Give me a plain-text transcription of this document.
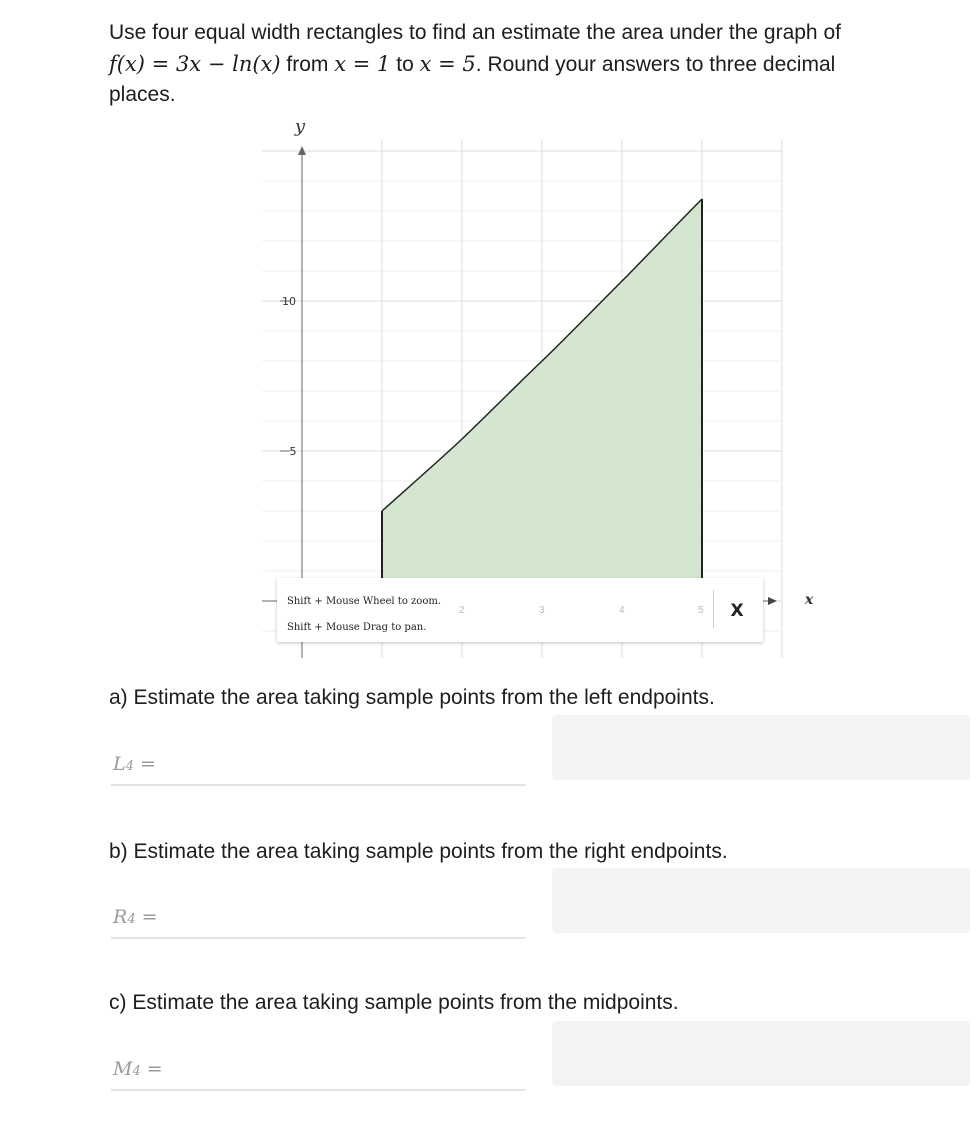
Use four equal width rectangles to find an estimate the area under the graph of
f(x) = 3x − ln(x) from x = 1 to x = 5. Round your answers to three decimal
places.
y
x
10
5
Shift + Mouse Wheel to zoom.
Shift + Mouse Drag to pan.
2	3	4	5	X
a) Estimate the area taking sample points from the left endpoints.
L4 =
b) Estimate the area taking sample points from the right endpoints.
R4 =
c) Estimate the area taking sample points from the midpoints.
M4 =
